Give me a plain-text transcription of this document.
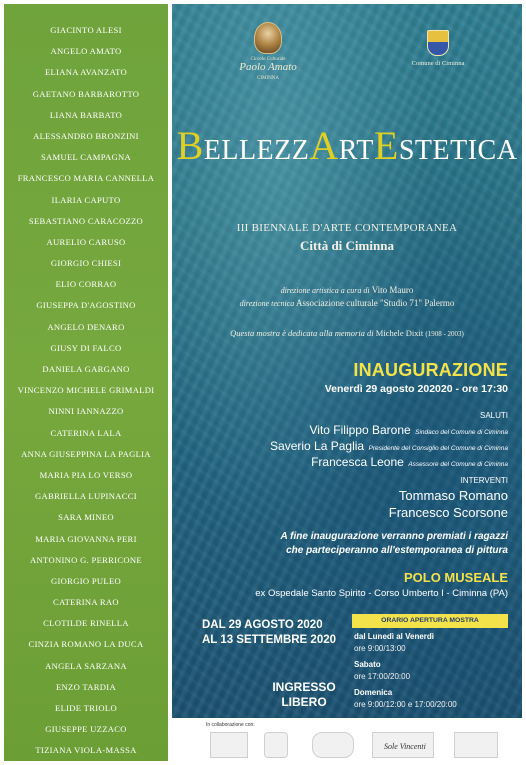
GIACINTO ALESI
ANGELO AMATO
ELIANA AVANZATO
GAETANO BARBAROTTO
LIANA BARBATO
ALESSANDRO BRONZINI
SAMUEL CAMPAGNA
FRANCESCO MARIA CANNELLA
ILARIA CAPUTO
SEBASTIANO CARACOZZO
AURELIO CARUSO
GIORGIO CHIESI
ELIO CORRAO
GIUSEPPA D'AGOSTINO
ANGELO DENARO
GIUSY DI FALCO
DANIELA GARGANO
VINCENZO MICHELE GRIMALDI
NINNI IANNAZZO
CATERINA LALA
ANNA GIUSEPPINA LA PAGLIA
MARIA PIA LO VERSO
GABRIELLA LUPINACCI
SARA MINEO
MARIA GIOVANNA PERI
ANTONINO G. PERRICONE
GIORGIO PULEO
CATERINA RAO
CLOTILDE RINELLA
CINZIA ROMANO LA DUCA
ANGELA SARZANA
ENZO TARDIA
ELIDE TRIOLO
GIUSEPPE UZZACO
TIZIANA VIOLA-MASSA
Circolo Culturale
Paolo Amato
CIMINNA
Comune di Ciminna
BELLEZZARTESTETICA
III BIENNALE D'ARTE CONTEMPORANEA
Città di Ciminna
direzione artistica a cura di Vito Mauro
direzione tecnica Associazione culturale "Studio 71" Palermo
Questa mostra è dedicata alla memoria di Michele Dixit (1908 - 2003)
INAUGURAZIONE
Venerdì 29 agosto 202020 - ore 17:30
SALUTI
Vito Filippo Barone Sindaco del Comune di Ciminna
Saverio La Paglia Presidente del Consiglio del Comune di Ciminna
Francesca Leone Assessore del Comune di Ciminna
INTERVENTI
Tommaso Romano
Francesco Scorsone
A fine inaugurazione verranno premiati i ragazzi
che parteciperanno all'estemporanea di pittura
POLO MUSEALE
ex Ospedale Santo Spirito - Corso Umberto I - Ciminna (PA)
DAL 29 AGOSTO 2020
AL 13 SETTEMBRE 2020
ORARIO APERTURA MOSTRA
dal Lunedì al Venerdì
ore 9:00/13:00
Sabato
ore 17:00/20:00
Domenica
ore 9:00/12:00 e 17:00/20:00
INGRESSO
LIBERO
In collaborazione con:
Sole Vincenti
